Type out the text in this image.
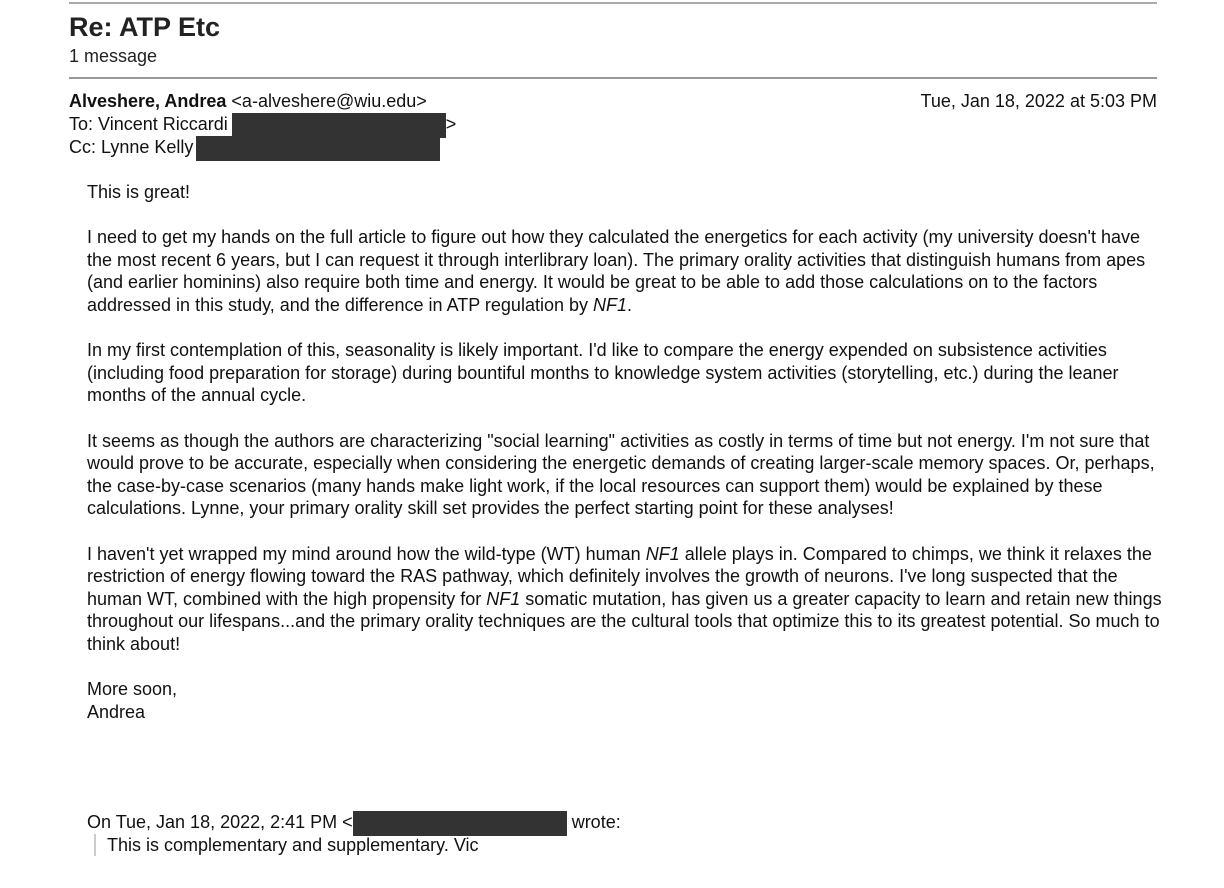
Re: ATP Etc
1 message
Alveshere, Andrea <a-alveshere@wiu.edu>	Tue, Jan 18, 2022 at 5:03 PM
To: Vincent Riccardi	>
Cc: Lynne Kelly

This is great!

I need to get my hands on the full article to figure out how they calculated the energetics for each activity (my university doesn't have the most recent 6 years, but I can request it through interlibrary loan). The primary orality activities that distinguish humans from apes (and earlier hominins) also require both time and energy. It would be great to be able to add those calculations on to the factors addressed in this study, and the difference in ATP regulation by NF1.

In my first contemplation of this, seasonality is likely important. I'd like to compare the energy expended on subsistence activities (including food preparation for storage) during bountiful months to knowledge system activities (storytelling, etc.) during the leaner months of the annual cycle.

It seems as though the authors are characterizing "social learning" activities as costly in terms of time but not energy. I'm not sure that would prove to be accurate, especially when considering the energetic demands of creating larger-scale memory spaces. Or, perhaps, the case-by-case scenarios (many hands make light work, if the local resources can support them) would be explained by these calculations. Lynne, your primary orality skill set provides the perfect starting point for these analyses!

I haven't yet wrapped my mind around how the wild-type (WT) human NF1 allele plays in. Compared to chimps, we think it relaxes the restriction of energy flowing toward the RAS pathway, which definitely involves the growth of neurons. I've long suspected that the human WT, combined with the high propensity for NF1 somatic mutation, has given us a greater capacity to learn and retain new things throughout our lifespans...and the primary orality techniques are the cultural tools that optimize this to its greatest potential. So much to think about!

More soon,
Andrea
On Tue, Jan 18, 2022, 2:41 PM <	wrote:
This is complementary and supplementary. Vic
